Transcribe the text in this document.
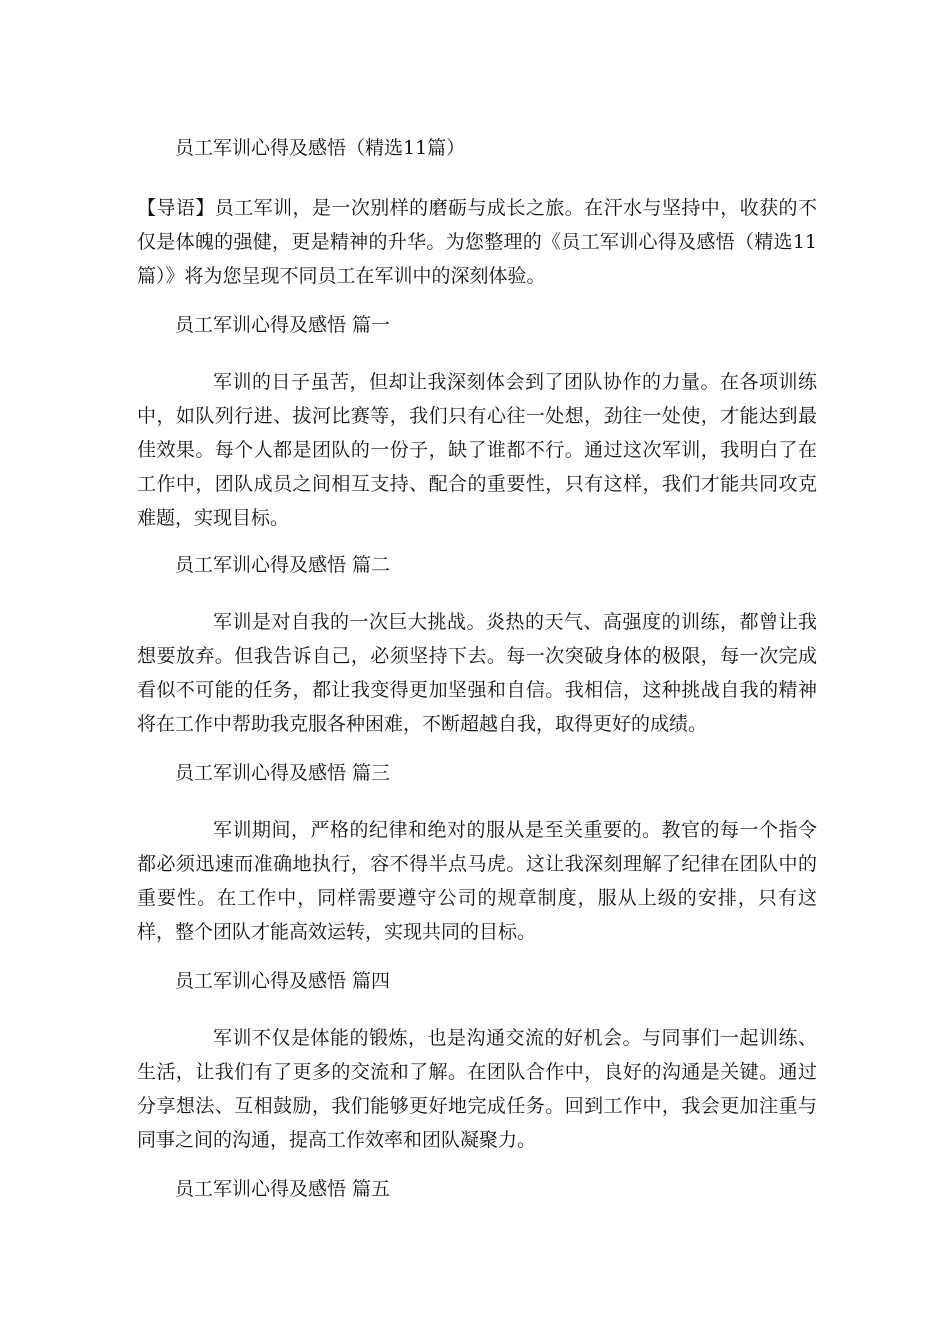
员工军训心得及感悟（精选11篇）
【导语】员工军训，是一次别样的磨砺与成长之旅。在汗水与坚持中，收获的不仅是体魄的强健，更是精神的升华。为您整理的《员工军训心得及感悟（精选11篇）》将为您呈现不同员工在军训中的深刻体验。
员工军训心得及感悟 篇一
军训的日子虽苦，但却让我深刻体会到了团队协作的力量。在各项训练中，如队列行进、拔河比赛等，我们只有心往一处想，劲往一处使，才能达到最佳效果。每个人都是团队的一份子，缺了谁都不行。通过这次军训，我明白了在工作中，团队成员之间相互支持、配合的重要性，只有这样，我们才能共同攻克难题，实现目标。
员工军训心得及感悟 篇二
军训是对自我的一次巨大挑战。炎热的天气、高强度的训练，都曾让我想要放弃。但我告诉自己，必须坚持下去。每一次突破身体的极限，每一次完成看似不可能的任务，都让我变得更加坚强和自信。我相信，这种挑战自我的精神将在工作中帮助我克服各种困难，不断超越自我，取得更好的成绩。
员工军训心得及感悟 篇三
军训期间，严格的纪律和绝对的服从是至关重要的。教官的每一个指令都必须迅速而准确地执行，容不得半点马虎。这让我深刻理解了纪律在团队中的重要性。在工作中，同样需要遵守公司的规章制度，服从上级的安排，只有这样，整个团队才能高效运转，实现共同的目标。
员工军训心得及感悟 篇四
军训不仅是体能的锻炼，也是沟通交流的好机会。与同事们一起训练、生活，让我们有了更多的交流和了解。在团队合作中，良好的沟通是关键。通过分享想法、互相鼓励，我们能够更好地完成任务。回到工作中，我会更加注重与同事之间的沟通，提高工作效率和团队凝聚力。
员工军训心得及感悟 篇五
